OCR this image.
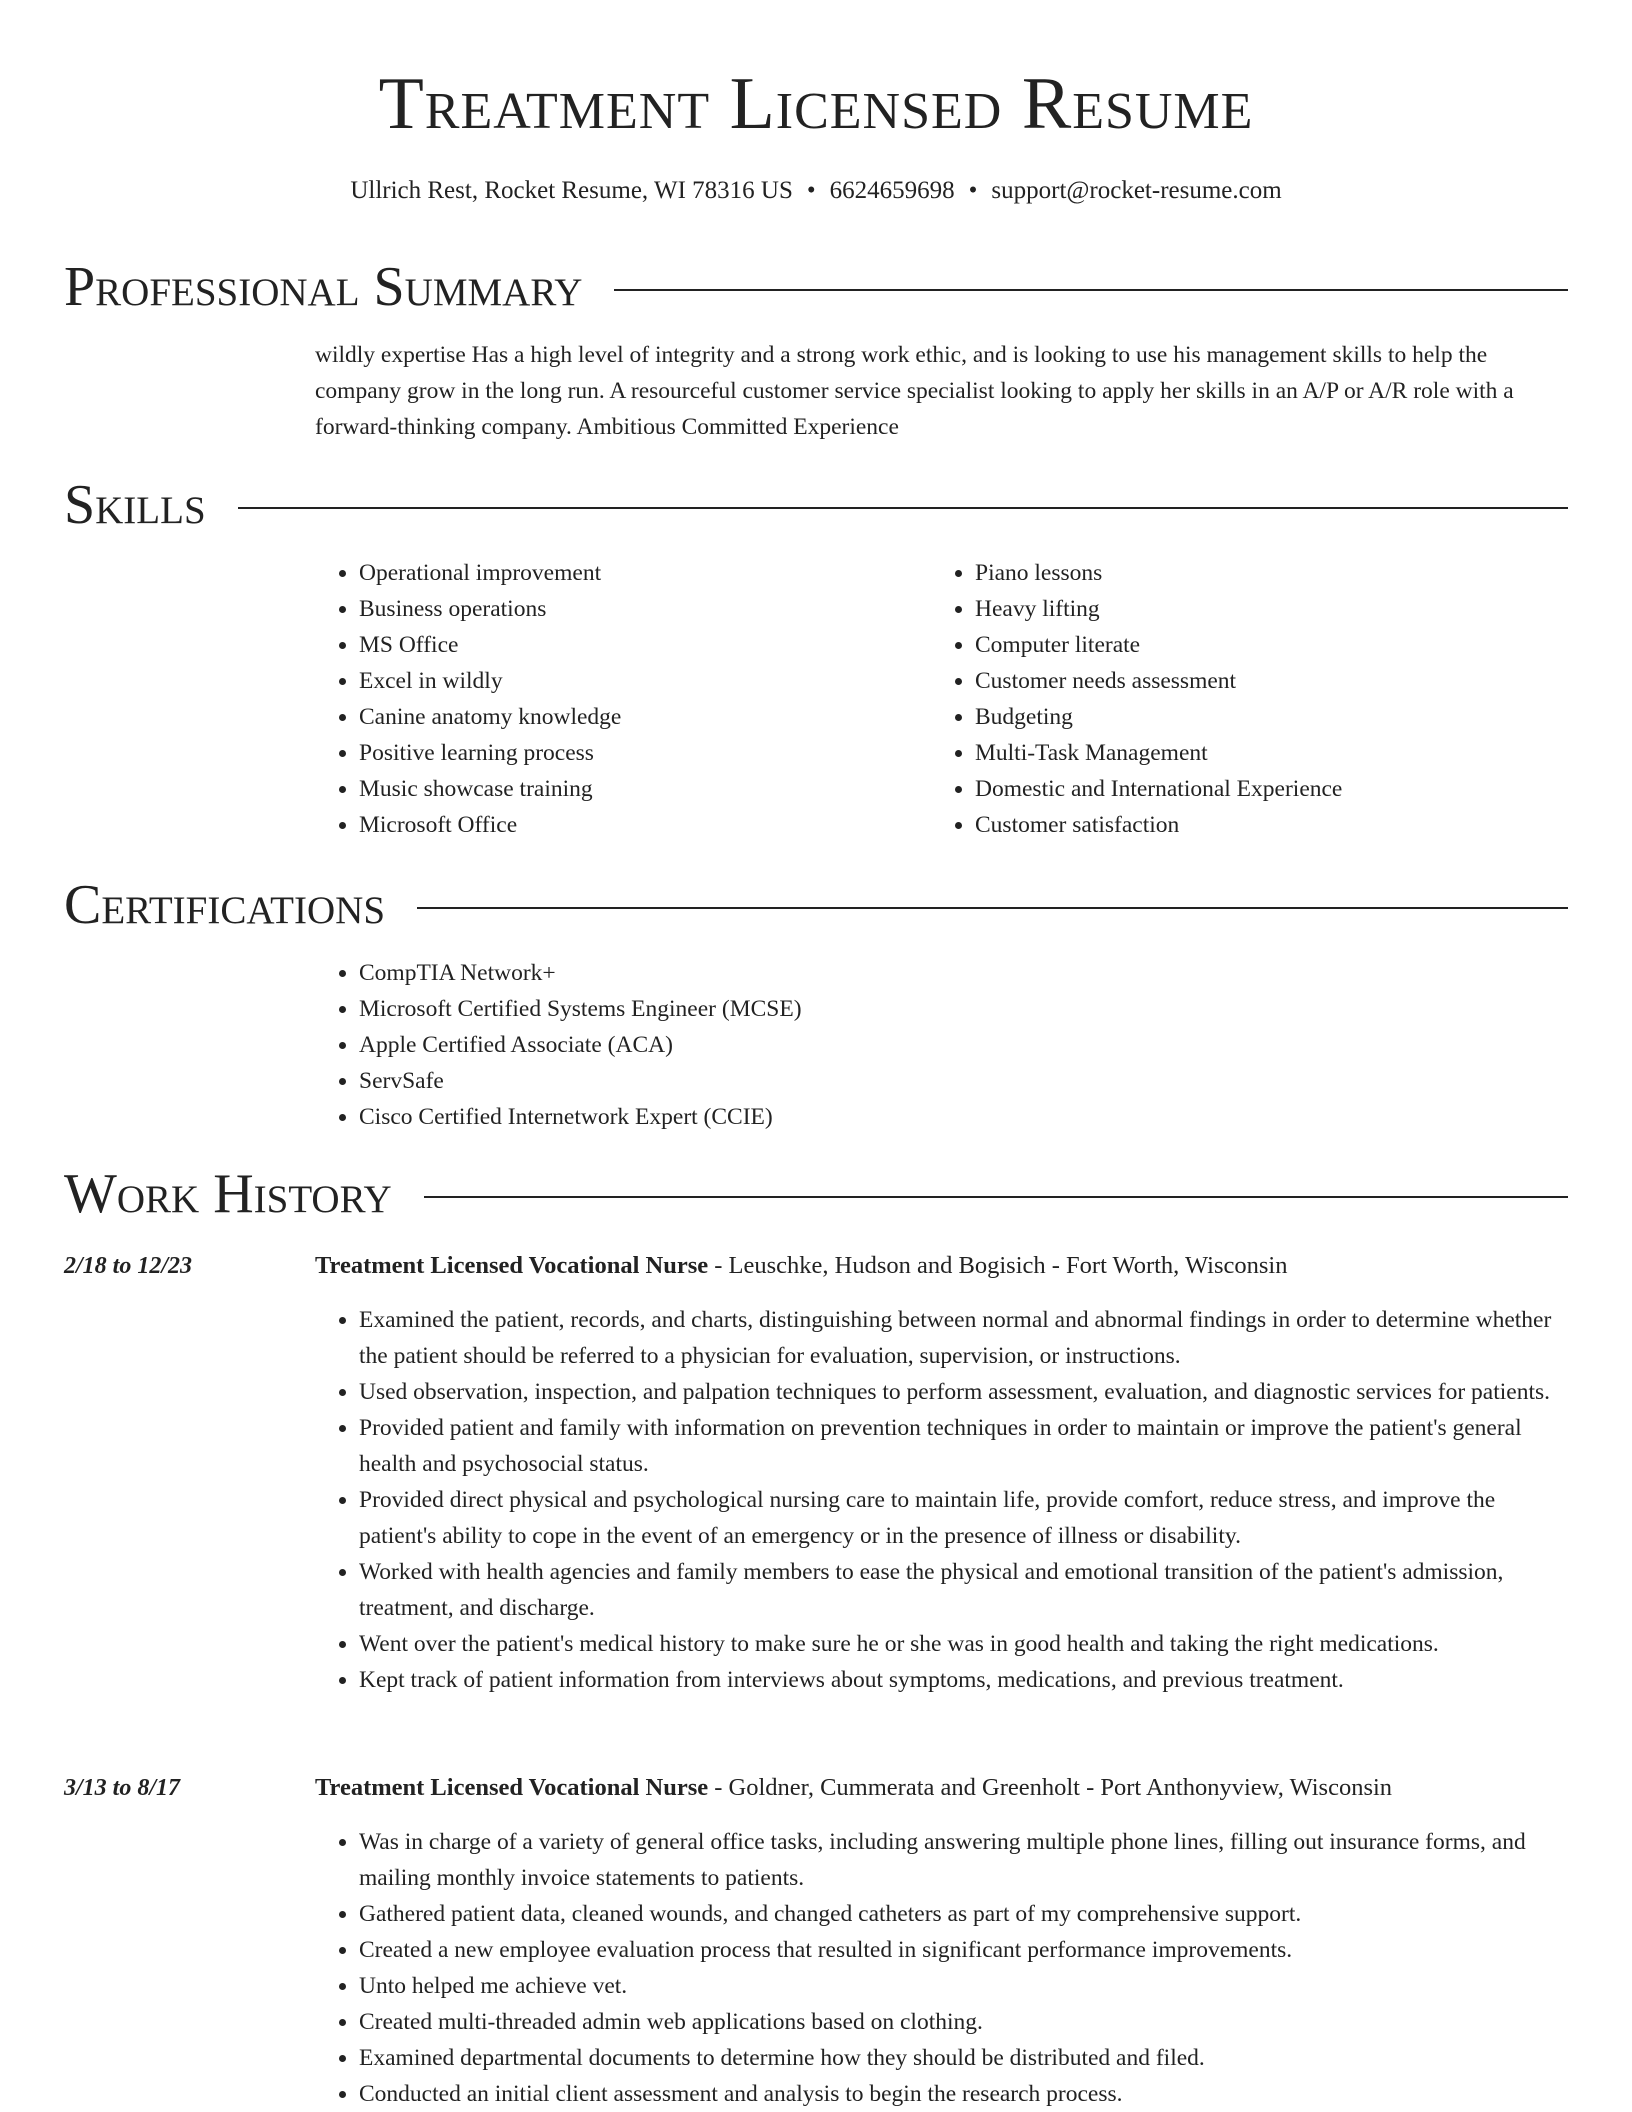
Treatment Licensed Resume
Ullrich Rest, Rocket Resume, WI 78316 US • 6624659698 • support@rocket-resume.com
Professional Summary
wildly expertise Has a high level of integrity and a strong work ethic, and is looking to use his management skills to help the company grow in the long run. A resourceful customer service specialist looking to apply her skills in an A/P or A/R role with a forward-thinking company. Ambitious Committed Experience
Skills
• Operational improvement
• Business operations
• MS Office
• Excel in wildly
• Canine anatomy knowledge
• Positive learning process
• Music showcase training
• Microsoft Office
• Piano lessons
• Heavy lifting
• Computer literate
• Customer needs assessment
• Budgeting
• Multi-Task Management
• Domestic and International Experience
• Customer satisfaction
Certifications
• CompTIA Network+
• Microsoft Certified Systems Engineer (MCSE)
• Apple Certified Associate (ACA)
• ServSafe
• Cisco Certified Internetwork Expert (CCIE)
Work History
2/18 to 12/23	Treatment Licensed Vocational Nurse - Leuschke, Hudson and Bogisich - Fort Worth, Wisconsin
• Examined the patient, records, and charts, distinguishing between normal and abnormal findings in order to determine whether the patient should be referred to a physician for evaluation, supervision, or instructions.
• Used observation, inspection, and palpation techniques to perform assessment, evaluation, and diagnostic services for patients.
• Provided patient and family with information on prevention techniques in order to maintain or improve the patient's general health and psychosocial status.
• Provided direct physical and psychological nursing care to maintain life, provide comfort, reduce stress, and improve the patient's ability to cope in the event of an emergency or in the presence of illness or disability.
• Worked with health agencies and family members to ease the physical and emotional transition of the patient's admission, treatment, and discharge.
• Went over the patient's medical history to make sure he or she was in good health and taking the right medications.
• Kept track of patient information from interviews about symptoms, medications, and previous treatment.
3/13 to 8/17	Treatment Licensed Vocational Nurse - Goldner, Cummerata and Greenholt - Port Anthonyview, Wisconsin
• Was in charge of a variety of general office tasks, including answering multiple phone lines, filling out insurance forms, and mailing monthly invoice statements to patients.
• Gathered patient data, cleaned wounds, and changed catheters as part of my comprehensive support.
• Created a new employee evaluation process that resulted in significant performance improvements.
• Unto helped me achieve vet.
• Created multi-threaded admin web applications based on clothing.
• Examined departmental documents to determine how they should be distributed and filed.
• Conducted an initial client assessment and analysis to begin the research process.
